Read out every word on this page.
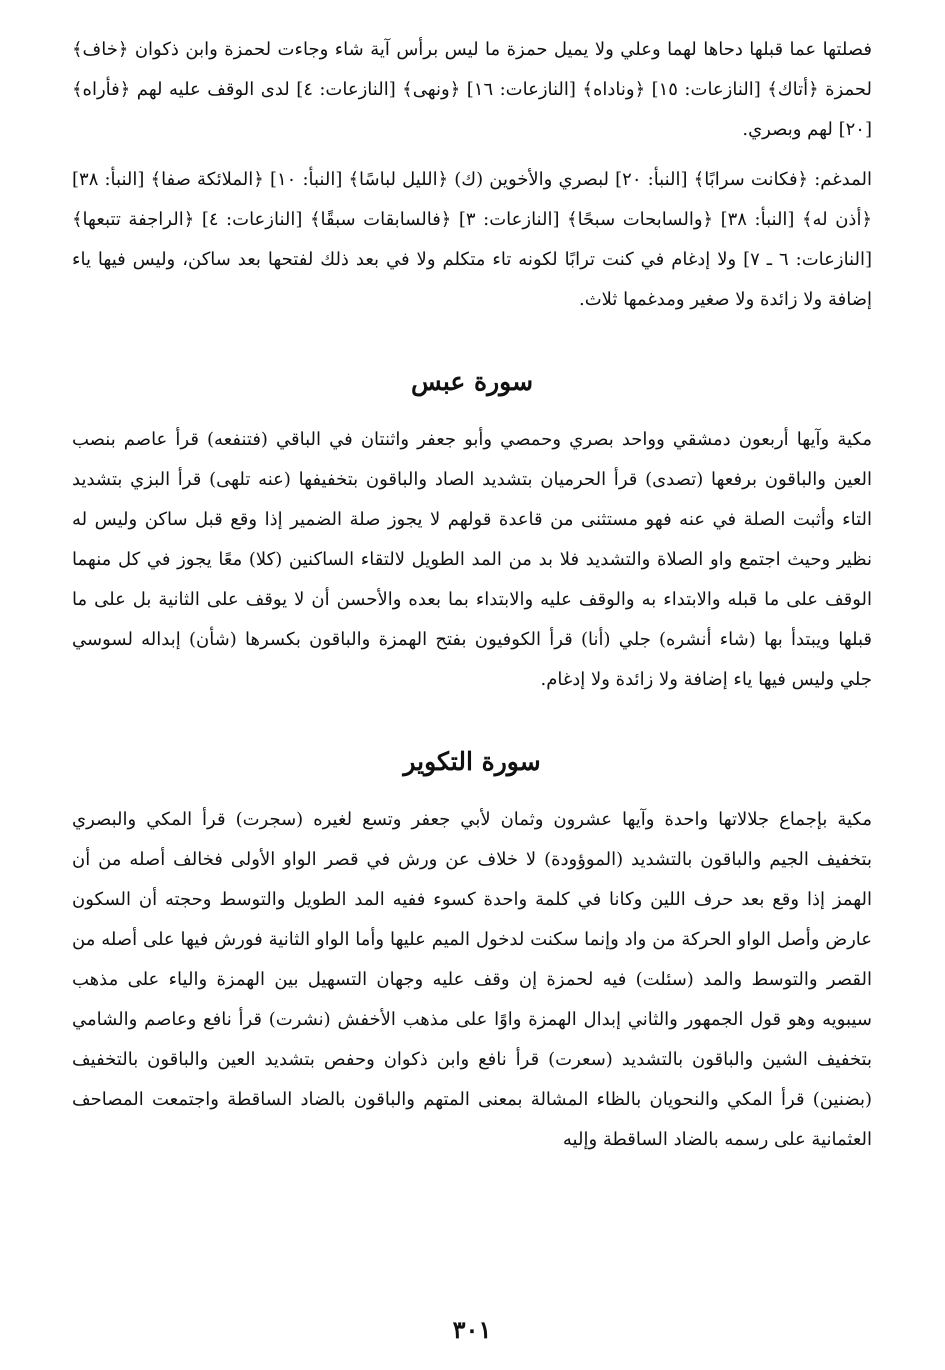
فصلتها عما قبلها دحاها لهما وعلي ولا يميل حمزة ما ليس برأس آية شاء وجاءت لحمزة وابن ذكوان ﴿خاف﴾ لحمزة ﴿أتاك﴾ [النازعات: ١٥] ﴿وناداه﴾ [النازعات: ١٦] ﴿ونهى﴾ [النازعات: ٤] لدى الوقف عليه لهم ﴿فأراه﴾ [٢٠] لهم وبصري.

المدغم: ﴿فكانت سرابًا﴾ [النبأ: ٢٠] لبصري والأخوين (ك) ﴿الليل لباسًا﴾ [النبأ: ١٠] ﴿الملائكة صفا﴾ [النبأ: ٣٨] ﴿أذن له﴾ [النبأ: ٣٨] ﴿والسابحات سبحًا﴾ [النازعات: ٣] ﴿فالسابقات سبقًا﴾ [النازعات: ٤] ﴿الراجفة تتبعها﴾ [النازعات: ٦ ـ ٧] ولا إدغام في كنت ترابًا لكونه تاء متكلم ولا في بعد ذلك لفتحها بعد ساكن، وليس فيها ياء إضافة ولا زائدة ولا صغير ومدغمها ثلاث.

سورة عبس

مكية وآيها أربعون دمشقي وواحد بصري وحمصي وأبو جعفر واثنتان في الباقي (فتنفعه) قرأ عاصم بنصب العين والباقون برفعها (تصدى) قرأ الحرميان بتشديد الصاد والباقون بتخفيفها (عنه تلهى) قرأ البزي بتشديد التاء وأثبت الصلة في عنه فهو مستثنى من قاعدة قولهم لا يجوز صلة الضمير إذا وقع قبل ساكن وليس له نظير وحيث اجتمع واو الصلاة والتشديد فلا بد من المد الطويل لالتقاء الساكنين (كلا) معًا يجوز في كل منهما الوقف على ما قبله والابتداء به والوقف عليه والابتداء بما بعده والأحسن أن لا يوقف على الثانية بل على ما قبلها ويبتدأ بها (شاء أنشره) جلي (أنا) قرأ الكوفيون بفتح الهمزة والباقون بكسرها (شأن) إبداله لسوسي جلي وليس فيها ياء إضافة ولا زائدة ولا إدغام.

سورة التكوير

مكية بإجماع جلالاتها واحدة وآيها عشرون وثمان لأبي جعفر وتسع لغيره (سجرت) قرأ المكي والبصري بتخفيف الجيم والباقون بالتشديد (الموؤودة) لا خلاف عن ورش في قصر الواو الأولى فخالف أصله من أن الهمز إذا وقع بعد حرف اللين وكانا في كلمة واحدة كسوء ففيه المد الطويل والتوسط وحجته أن السكون عارض وأصل الواو الحركة من واد وإنما سكنت لدخول الميم عليها وأما الواو الثانية فورش فيها على أصله من القصر والتوسط والمد (سئلت) فيه لحمزة إن وقف عليه وجهان التسهيل بين الهمزة والياء على مذهب سيبويه وهو قول الجمهور والثاني إبدال الهمزة واوًا على مذهب الأخفش (نشرت) قرأ نافع وعاصم والشامي بتخفيف الشين والباقون بالتشديد (سعرت) قرأ نافع وابن ذكوان وحفص بتشديد العين والباقون بالتخفيف (بضنين) قرأ المكي والنحويان بالظاء المشالة بمعنى المتهم والباقون بالضاد الساقطة واجتمعت المصاحف العثمانية على رسمه بالضاد الساقطة وإليه

٣٠١
